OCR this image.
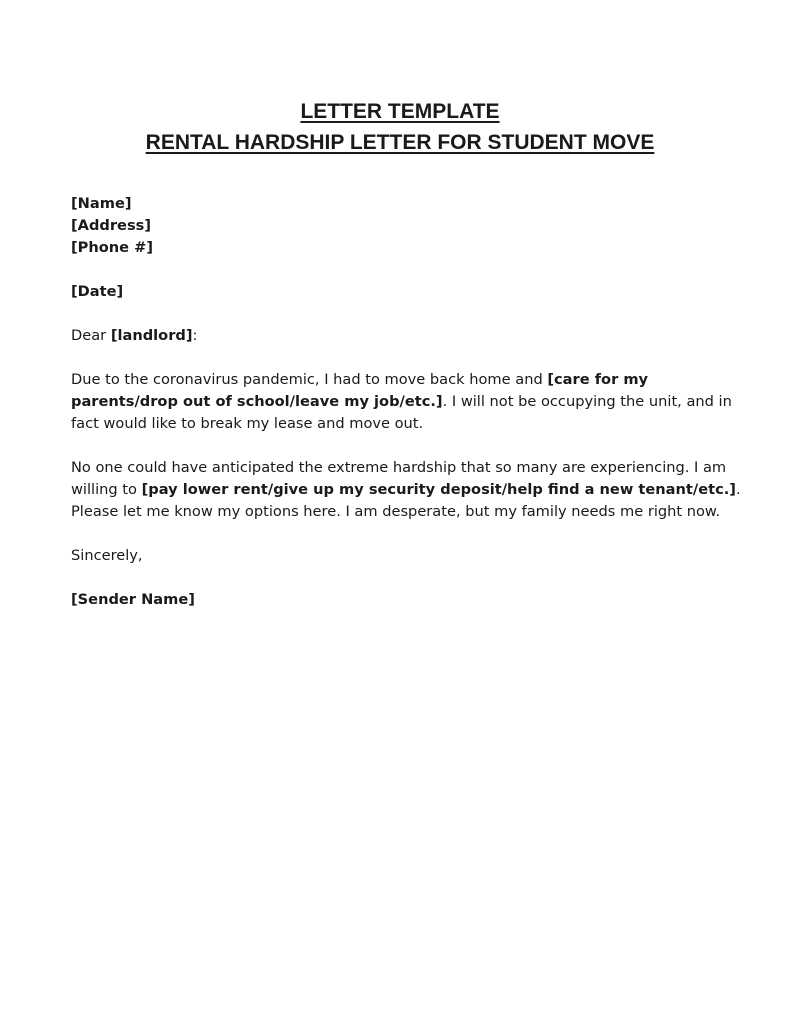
LETTER TEMPLATE
RENTAL HARDSHIP LETTER FOR STUDENT MOVE

[Name]
[Address]
[Phone #]

[Date]

Dear [landlord]:

Due to the coronavirus pandemic, I had to move back home and [care for my parents/drop out of school/leave my job/etc.]. I will not be occupying the unit, and in fact would like to break my lease and move out.

No one could have anticipated the extreme hardship that so many are experiencing. I am willing to [pay lower rent/give up my security deposit/help find a new tenant/etc.]. Please let me know my options here. I am desperate, but my family needs me right now.

Sincerely,

[Sender Name]
